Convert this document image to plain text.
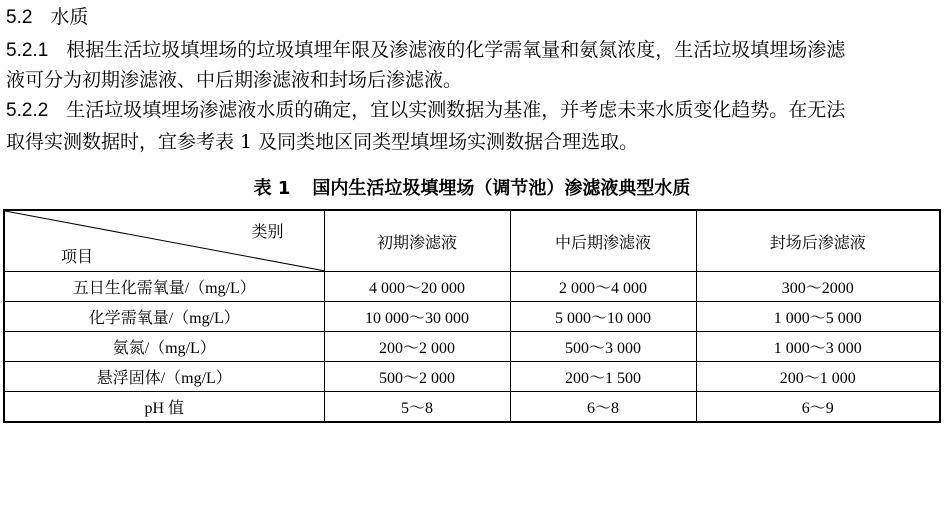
5.2 水质
5.2.1 根据生活垃圾填埋场的垃圾填埋年限及渗滤液的化学需氧量和氨氮浓度，生活垃圾填埋场渗滤
液可分为初期渗滤液、中后期渗滤液和封场后渗滤液。
5.2.2 生活垃圾填埋场渗滤液水质的确定，宜以实测数据为基准，并考虑未来水质变化趋势。在无法
取得实测数据时，宜参考表 1 及同类地区同类型填埋场实测数据合理选取。
表 1 国内生活垃圾填埋场（调节池）渗滤液典型水质
类别
项目	初期渗滤液	中后期渗滤液	封场后渗滤液
五日生化需氧量/（mg/L）	4 000～20 000	2 000～4 000	300～2000
化学需氧量/（mg/L）	10 000～30 000	5 000～10 000	1 000～5 000
氨氮/（mg/L）	200～2 000	500～3 000	1 000～3 000
悬浮固体/（mg/L）	500～2 000	200～1 500	200～1 000
pH 值	5～8	6～8	6～9
